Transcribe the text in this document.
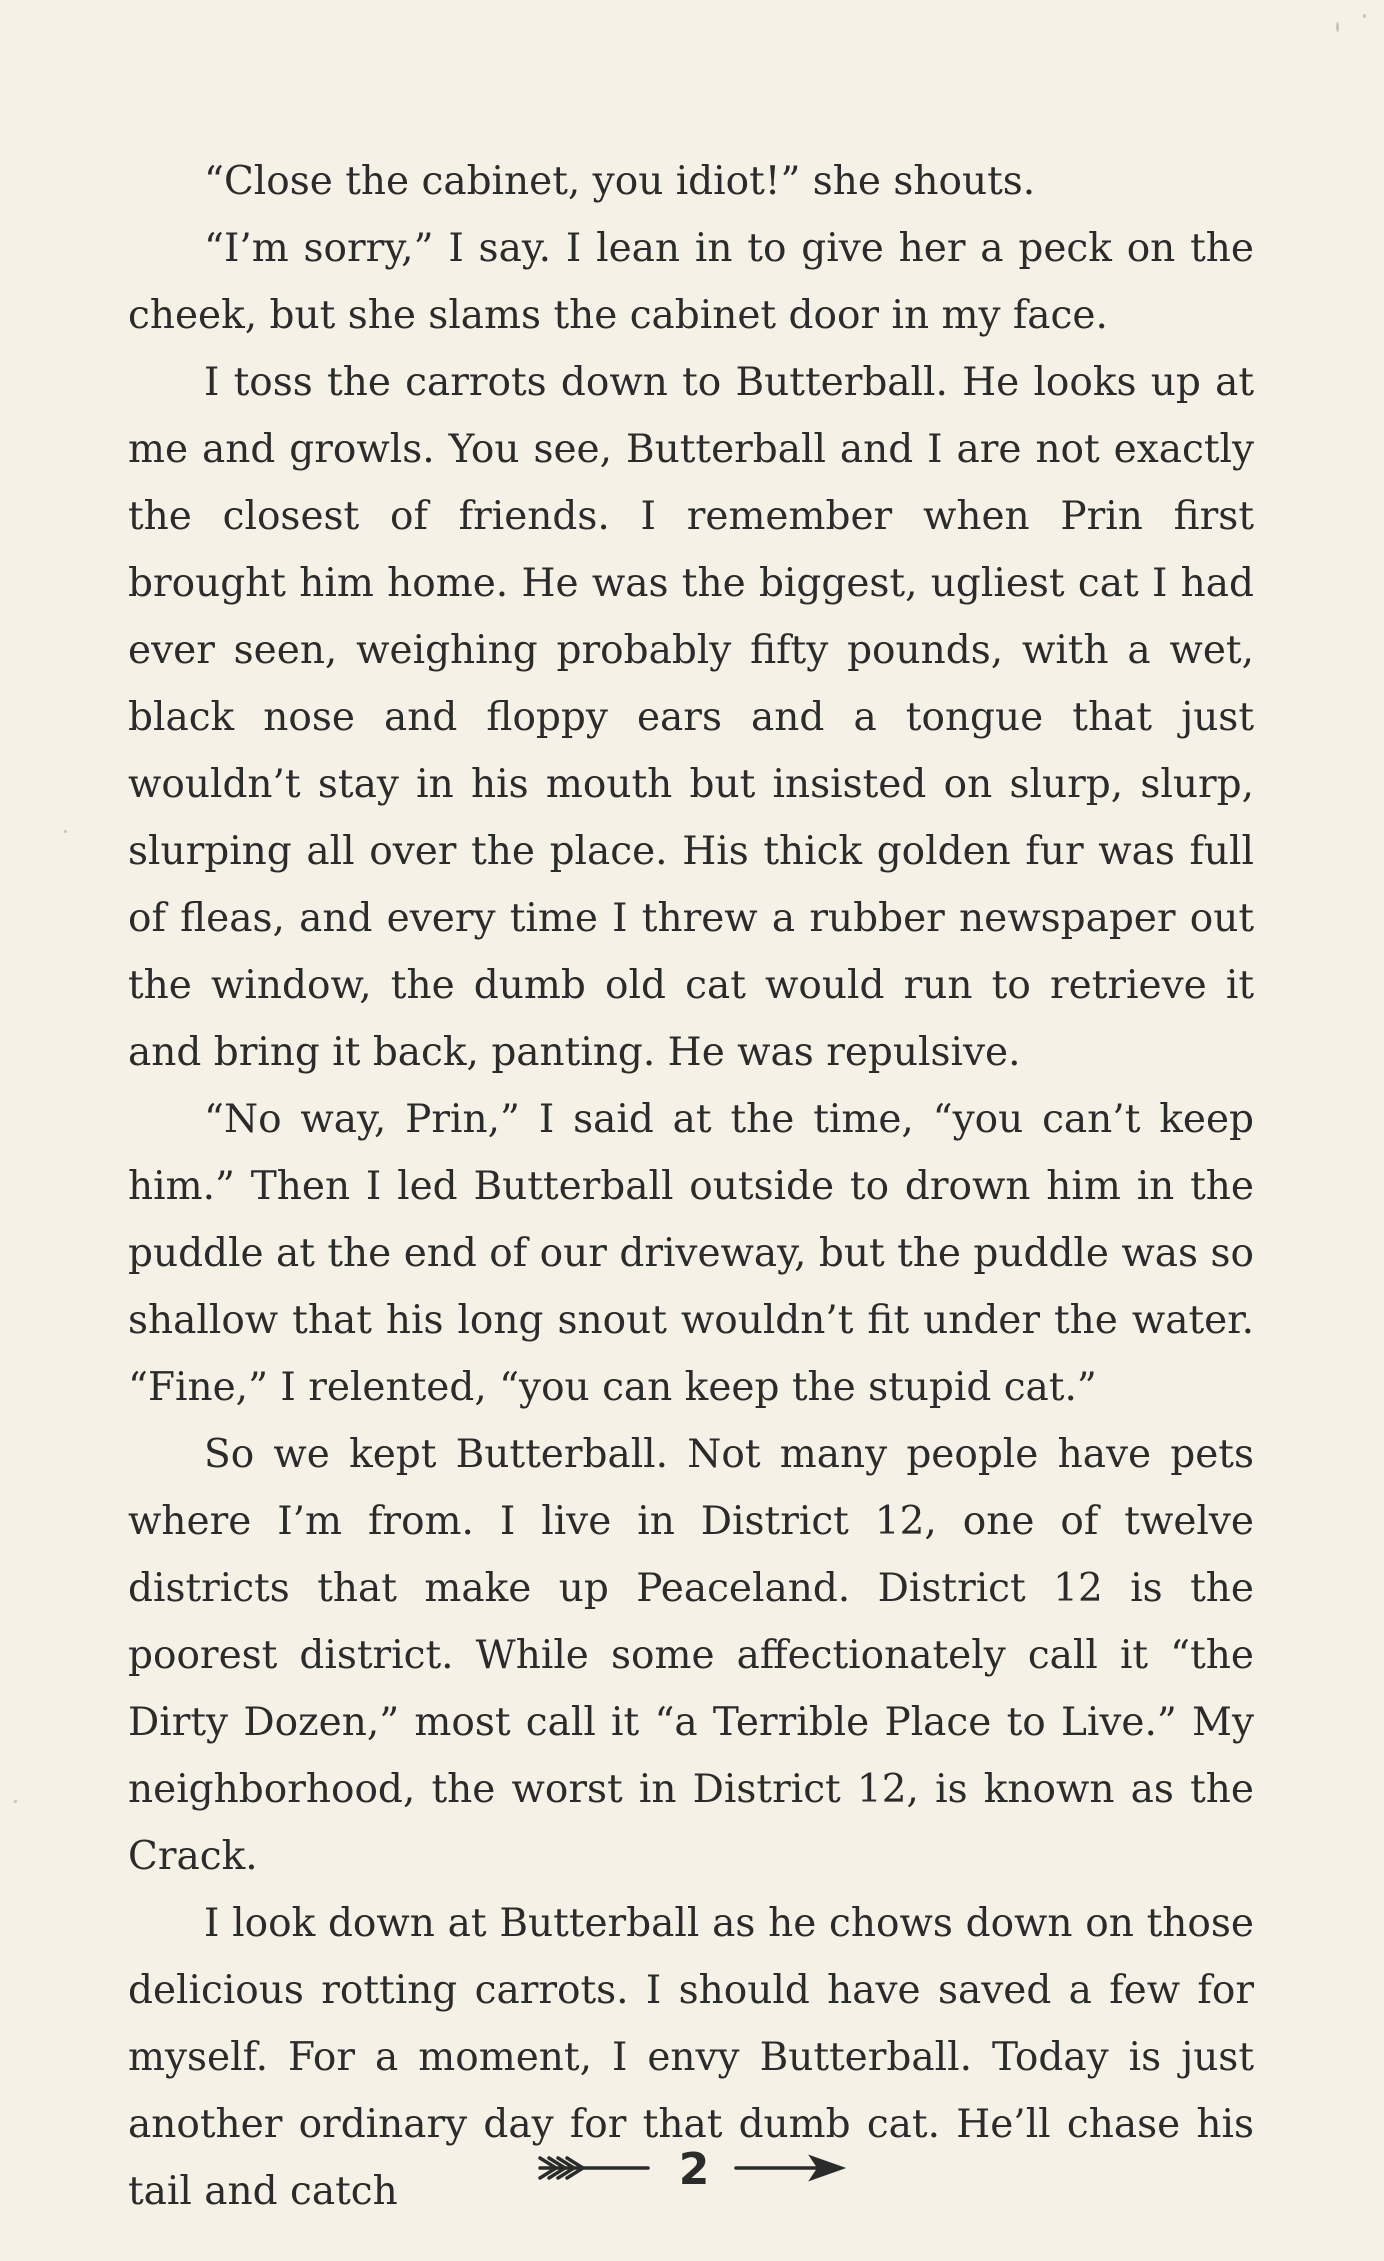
“Close the cabinet, you idiot!” she shouts.

“I’m sorry,” I say. I lean in to give her a peck on the cheek, but she slams the cabinet door in my face.

I toss the carrots down to Butterball. He looks up at me and growls. You see, Butterball and I are not exactly the closest of friends. I remember when Prin first brought him home. He was the biggest, ugliest cat I had ever seen, weighing probably fifty pounds, with a wet, black nose and floppy ears and a tongue that just wouldn’t stay in his mouth but insisted on slurp, slurp, slurping all over the place. His thick golden fur was full of fleas, and every time I threw a rubber newspaper out the window, the dumb old cat would run to retrieve it and bring it back, panting. He was repulsive.

“No way, Prin,” I said at the time, “you can’t keep him.” Then I led Butterball outside to drown him in the puddle at the end of our driveway, but the puddle was so shallow that his long snout wouldn’t fit under the water. “Fine,” I relented, “you can keep the stupid cat.”

So we kept Butterball. Not many people have pets where I’m from. I live in District 12, one of twelve districts that make up Peaceland. District 12 is the poorest district. While some affectionately call it “the Dirty Dozen,” most call it “a Terrible Place to Live.” My neighborhood, the worst in District 12, is known as the Crack.

I look down at Butterball as he chows down on those delicious rotting carrots. I should have saved a few for myself. For a moment, I envy Butterball. Today is just another ordinary day for that dumb cat. He’ll chase his tail and catch	2
